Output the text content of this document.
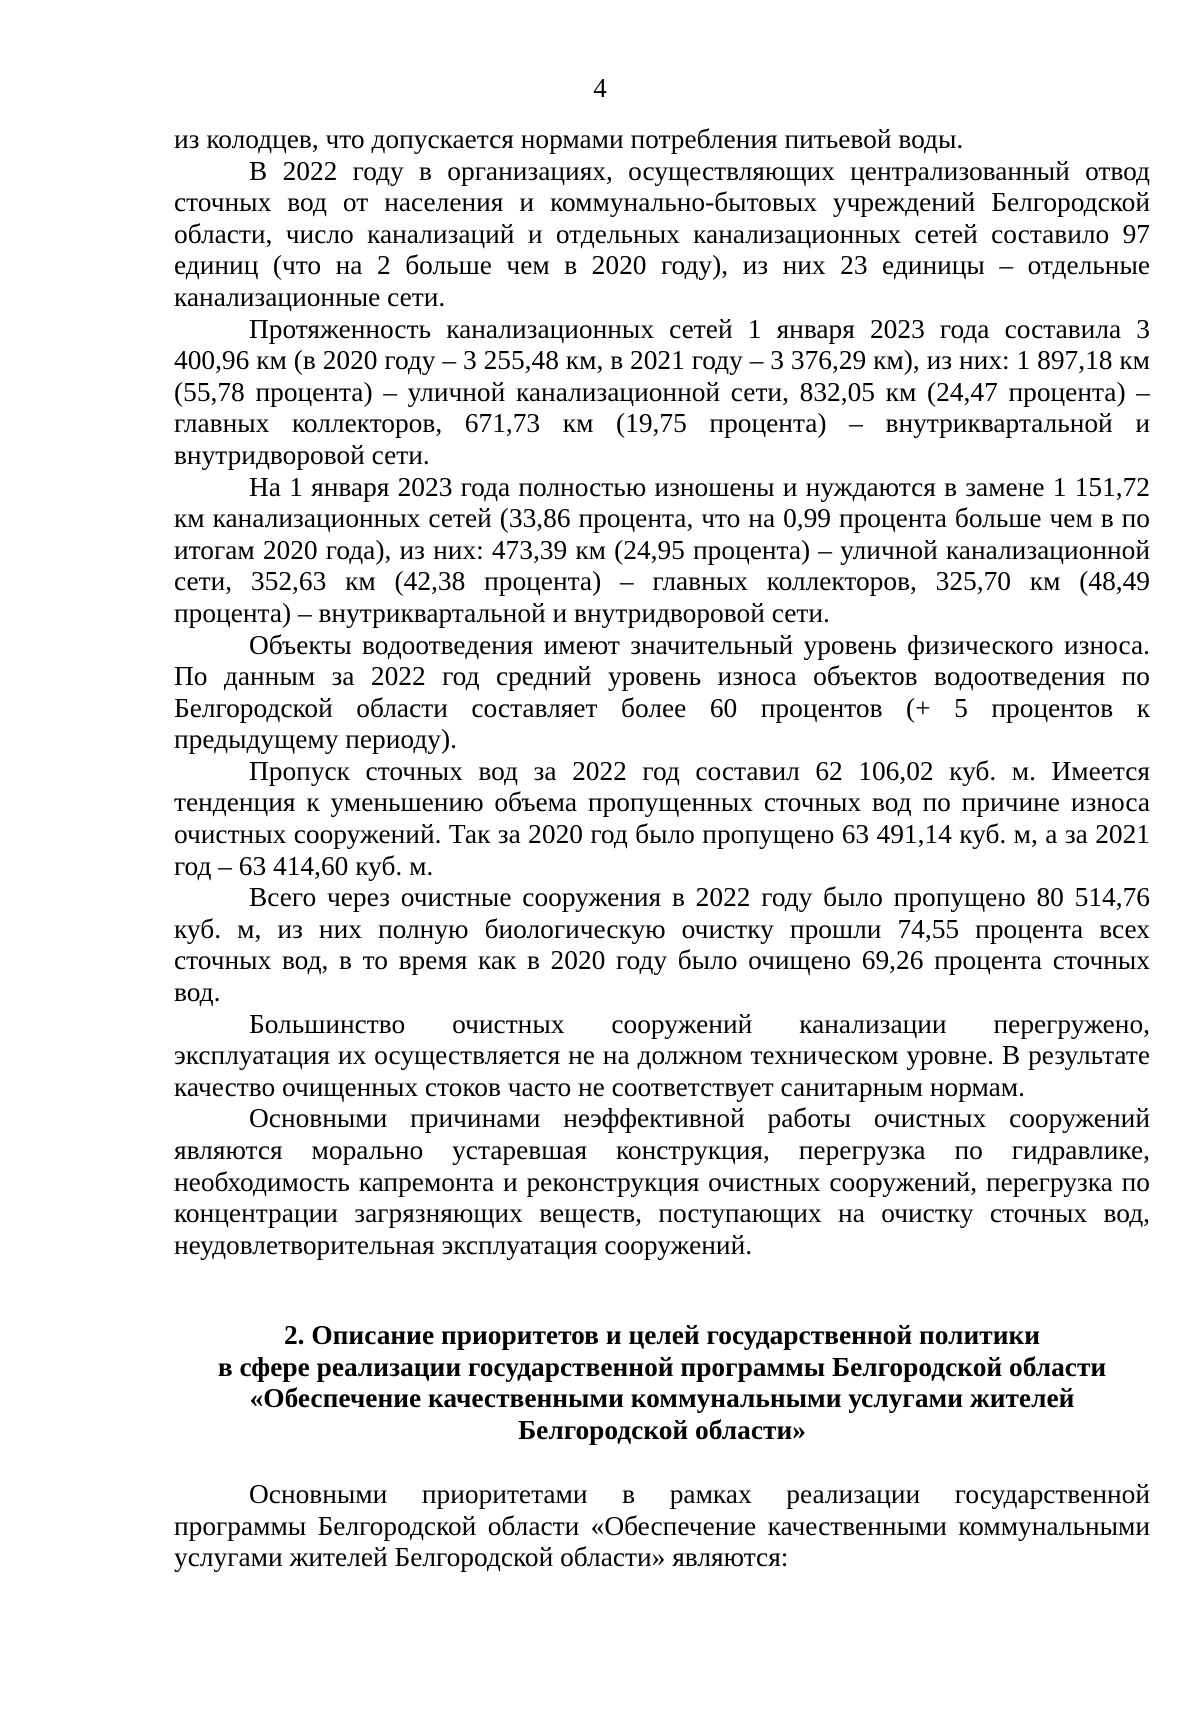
4

из колодцев, что допускается нормами потребления питьевой воды.

В 2022 году в организациях, осуществляющих централизованный отвод сточных вод от населения и коммунально-бытовых учреждений Белгородской области, число канализаций и отдельных канализационных сетей составило 97 единиц (что на 2 больше чем в 2020 году), из них 23 единицы – отдельные канализационные сети.

Протяженность канализационных сетей 1 января 2023 года составила 3 400,96 км (в 2020 году – 3 255,48 км, в 2021 году – 3 376,29 км), из них: 1 897,18 км (55,78 процента) – уличной канализационной сети, 832,05 км (24,47 процента) – главных коллекторов, 671,73 км (19,75 процента) – внутриквартальной и внутридворовой сети.

На 1 января 2023 года полностью изношены и нуждаются в замене 1 151,72 км канализационных сетей (33,86 процента, что на 0,99 процента больше чем в по итогам 2020 года), из них: 473,39 км (24,95 процента) – уличной канализационной сети, 352,63 км (42,38 процента) – главных коллекторов, 325,70 км (48,49 процента) – внутриквартальной и внутридворовой сети.

Объекты водоотведения имеют значительный уровень физического износа. По данным за 2022 год средний уровень износа объектов водоотведения по Белгородской области составляет более 60 процентов (+ 5 процентов к предыдущему периоду).

Пропуск сточных вод за 2022 год составил 62 106,02 куб. м. Имеется тенденция к уменьшению объема пропущенных сточных вод по причине износа очистных сооружений. Так за 2020 год было пропущено 63 491,14 куб. м, а за 2021 год – 63 414,60 куб. м.

Всего через очистные сооружения в 2022 году было пропущено 80 514,76 куб. м, из них полную биологическую очистку прошли 74,55 процента всех сточных вод, в то время как в 2020 году было очищено 69,26 процента сточных вод.

Большинство очистных сооружений канализации перегружено, эксплуатация их осуществляется не на должном техническом уровне. В результате качество очищенных стоков часто не соответствует санитарным нормам.

Основными причинами неэффективной работы очистных сооружений являются морально устаревшая конструкция, перегрузка по гидравлике, необходимость капремонта и реконструкция очистных сооружений, перегрузка по концентрации загрязняющих веществ, поступающих на очистку сточных вод, неудовлетворительная эксплуатация сооружений.

2. Описание приоритетов и целей государственной политики
в сфере реализации государственной программы Белгородской области
«Обеспечение качественными коммунальными услугами жителей
Белгородской области»

Основными приоритетами в рамках реализации государственной программы Белгородской области «Обеспечение качественными коммунальными услугами жителей Белгородской области» являются:
